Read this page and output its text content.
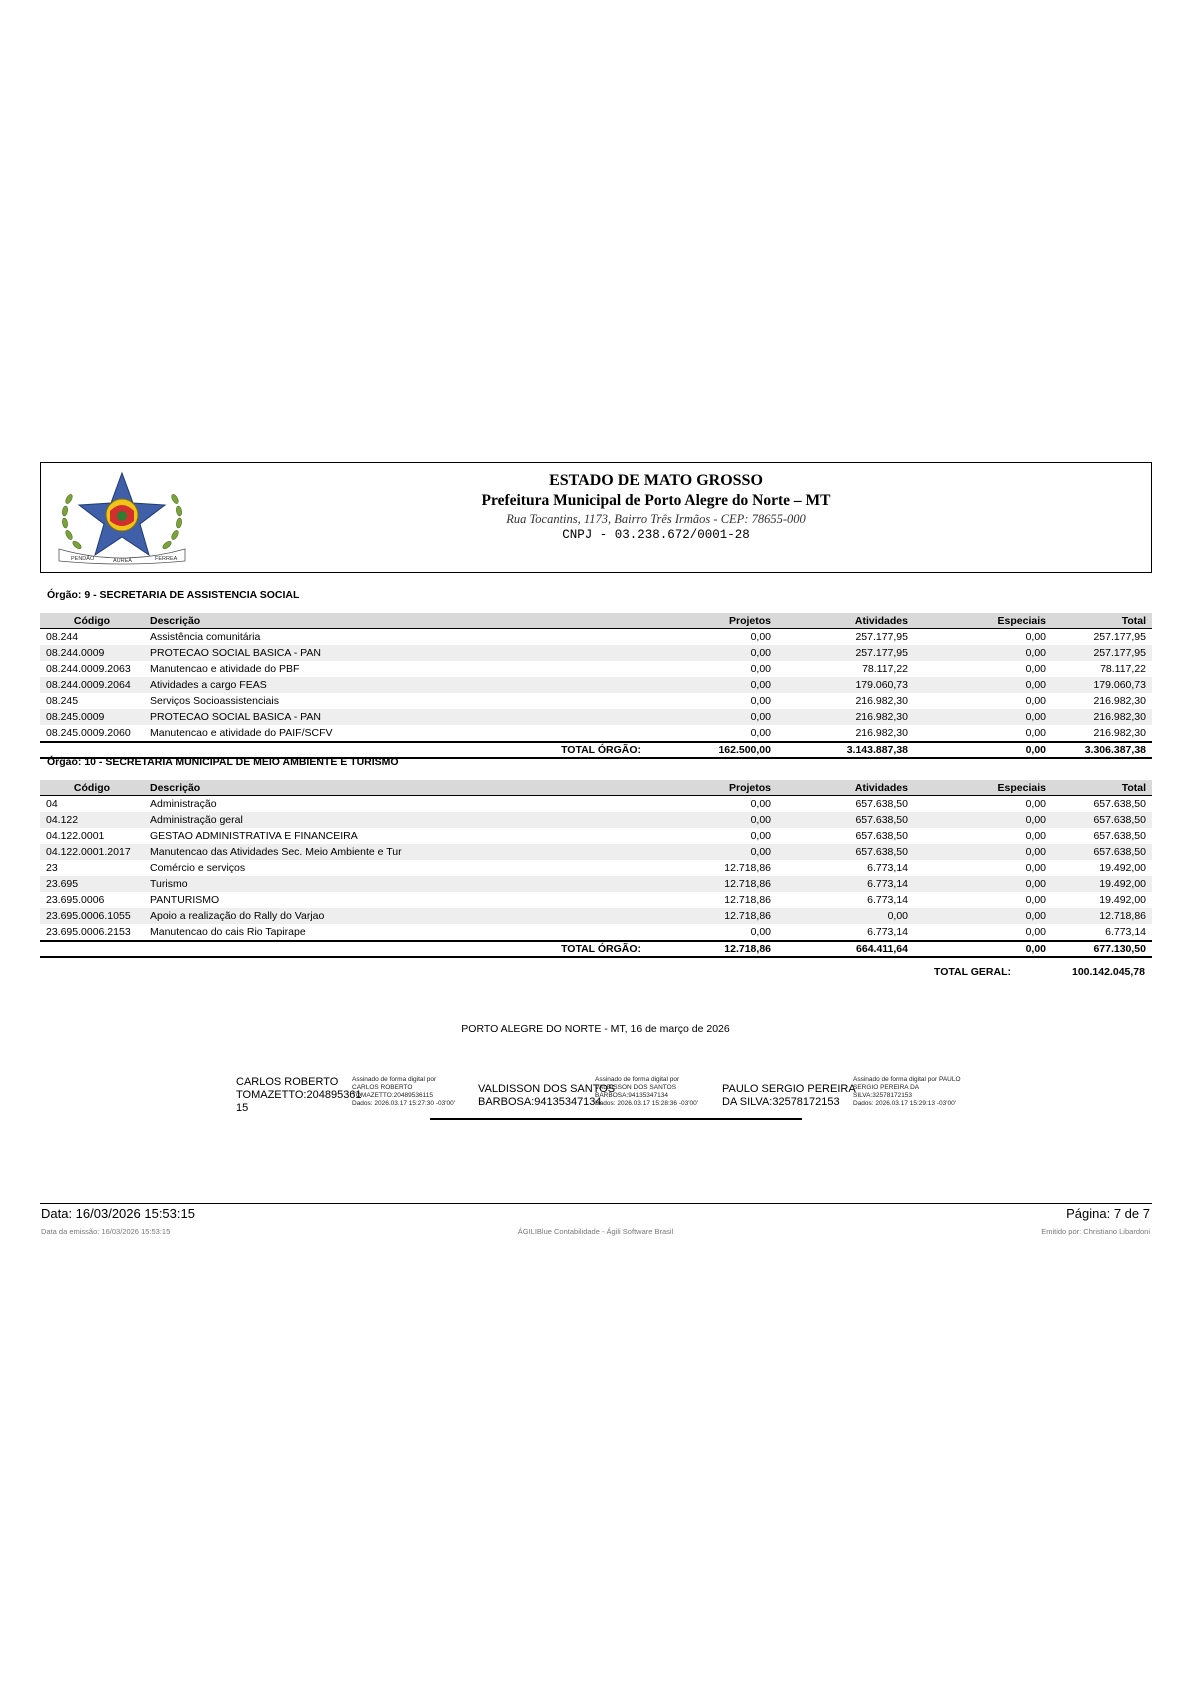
PENDÃO	AUREA	FERREA
ESTADO DE MATO GROSSO
Prefeitura Municipal de Porto Alegre do Norte – MT
Rua Tocantins, 1173, Bairro Três Irmãos - CEP: 78655-000
CNPJ - 03.238.672/0001-28
Órgão: 9 - SECRETARIA DE ASSISTENCIA SOCIAL
Código	Descrição		Projetos	Atividades	Especiais	Total
08.244	Assistência comunitária		0,00	257.177,95	0,00	257.177,95
08.244.0009	PROTECAO SOCIAL BASICA - PAN		0,00	257.177,95	0,00	257.177,95
08.244.0009.2063	Manutencao e atividade do PBF		0,00	78.117,22	0,00	78.117,22
08.244.0009.2064	Atividades a cargo FEAS		0,00	179.060,73	0,00	179.060,73
08.245	Serviços Socioassistenciais		0,00	216.982,30	0,00	216.982,30
08.245.0009	PROTECAO SOCIAL BASICA - PAN		0,00	216.982,30	0,00	216.982,30
08.245.0009.2060	Manutencao e atividade do PAIF/SCFV		0,00	216.982,30	0,00	216.982,30
		TOTAL ÓRGÃO:	162.500,00	3.143.887,38	0,00	3.306.387,38
Órgão: 10 - SECRETARIA MUNICIPAL DE MEIO AMBIENTE E TURISMO
Código	Descrição		Projetos	Atividades	Especiais	Total
04	Administração		0,00	657.638,50	0,00	657.638,50
04.122	Administração geral		0,00	657.638,50	0,00	657.638,50
04.122.0001	GESTAO ADMINISTRATIVA E FINANCEIRA		0,00	657.638,50	0,00	657.638,50
04.122.0001.2017	Manutencao das Atividades Sec. Meio Ambiente e Tur		0,00	657.638,50	0,00	657.638,50
23	Comércio e serviços		12.718,86	6.773,14	0,00	19.492,00
23.695	Turismo		12.718,86	6.773,14	0,00	19.492,00
23.695.0006	PANTURISMO		12.718,86	6.773,14	0,00	19.492,00
23.695.0006.1055	Apoio a realização do Rally do Varjao		12.718,86	0,00	0,00	12.718,86
23.695.0006.2153	Manutencao do cais Rio Tapirape		0,00	6.773,14	0,00	6.773,14
		TOTAL ÓRGÃO:	12.718,86	664.411,64	0,00	677.130,50
TOTAL GERAL:	100.142.045,78
PORTO ALEGRE DO NORTE - MT, 16 de março de 2026
CARLOS ROBERTO
TOMAZETTO:204895361
15
Assinado de forma digital por
CARLOS ROBERTO
TOMAZETTO:20489536115
Dados: 2026.03.17 15:27:30 -03'00'
VALDISSON DOS SANTOS
BARBOSA:94135347134
Assinado de forma digital por
VALDISSON DOS SANTOS
BARBOSA:94135347134
Dados: 2026.03.17 15:28:36 -03'00'
PAULO SERGIO PEREIRA
DA SILVA:32578172153
Assinado de forma digital por PAULO
SERGIO PEREIRA DA
SILVA:32578172153
Dados: 2026.03.17 15:29:13 -03'00'
Data: 16/03/2026 15:53:15	Página: 7 de 7
Data da emissão: 16/03/2026 15:53:15	ÁGILIBlue Contabilidade - Ágili Software Brasil	Emitido por: Christiano Libardoni
